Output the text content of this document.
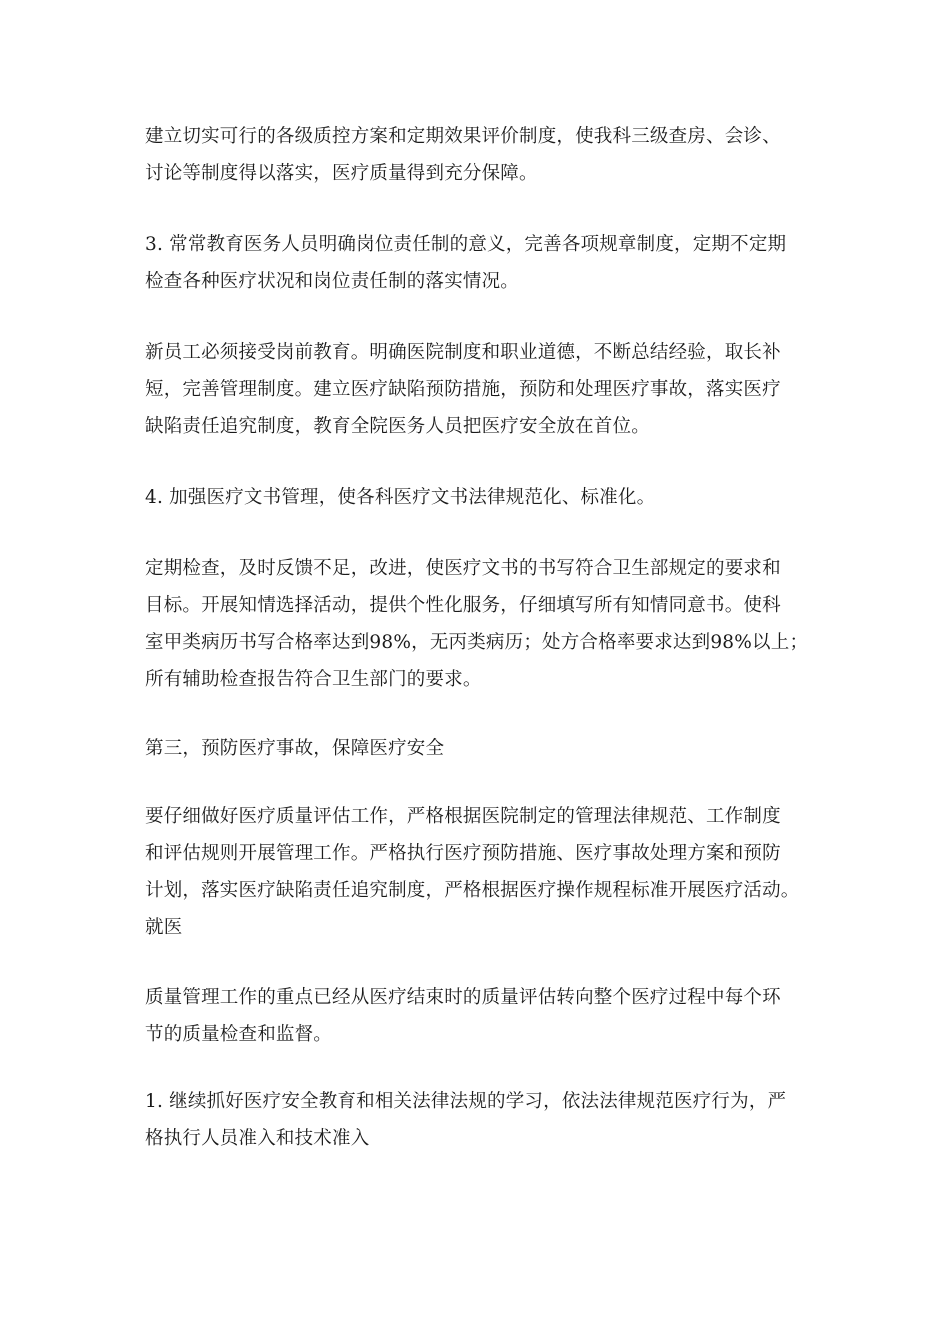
建立切实可行的各级质控方案和定期效果评价制度，使我科三级查房、会诊、
讨论等制度得以落实，医疗质量得到充分保障。

3. 常常教育医务人员明确岗位责任制的意义，完善各项规章制度，定期不定期
检查各种医疗状况和岗位责任制的落实情况。

新员工必须接受岗前教育。明确医院制度和职业道德，不断总结经验，取长补
短，完善管理制度。建立医疗缺陷预防措施，预防和处理医疗事故，落实医疗
缺陷责任追究制度，教育全院医务人员把医疗安全放在首位。

4. 加强医疗文书管理，使各科医疗文书法律规范化、标准化。

定期检查，及时反馈不足，改进，使医疗文书的书写符合卫生部规定的要求和
目标。开展知情选择活动，提供个性化服务，仔细填写所有知情同意书。使科
室甲类病历书写合格率达到98%，无丙类病历；处方合格率要求达到98%以上；
所有辅助检查报告符合卫生部门的要求。

第三，预防医疗事故，保障医疗安全

要仔细做好医疗质量评估工作，严格根据医院制定的管理法律规范、工作制度
和评估规则开展管理工作。严格执行医疗预防措施、医疗事故处理方案和预防
计划，落实医疗缺陷责任追究制度，严格根据医疗操作规程标准开展医疗活动。
就医

质量管理工作的重点已经从医疗结束时的质量评估转向整个医疗过程中每个环
节的质量检查和监督。

1. 继续抓好医疗安全教育和相关法律法规的学习，依法法律规范医疗行为，严
格执行人员准入和技术准入
